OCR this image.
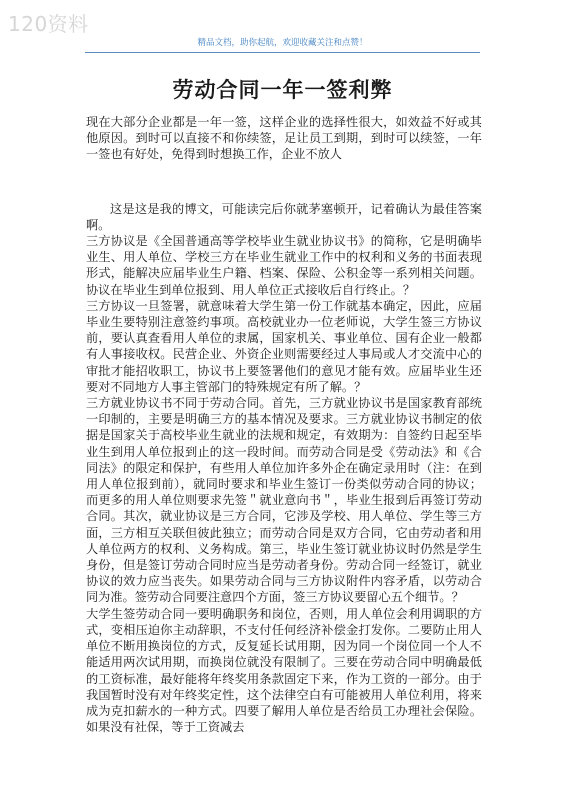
120资料
精品文档，助你起航，欢迎收藏关注和点赞！
劳动合同一年一签利弊

现在大部分企业都是一年一签，这样企业的选择性很大，如效益不好或其他原因。到时可以直接不和你续签，足让员工到期，到时可以续签，一年一签也有好处，免得到时想换工作，企业不放人

这是这是我的博文，可能读完后你就茅塞顿开，记着确认为最佳答案啊。

三方协议是《全国普通高等学校毕业生就业协议书》的简称，它是明确毕业生、用人单位、学校三方在毕业生就业工作中的权利和义务的书面表现形式，能解决应届毕业生户籍、档案、保险、公积金等一系列相关问题。协议在毕业生到单位报到、用人单位正式接收后自行终止。？

三方协议一旦签署，就意味着大学生第一份工作就基本确定，因此，应届毕业生要特别注意签约事项。高校就业办一位老师说，大学生签三方协议前，要认真查看用人单位的隶属，国家机关、事业单位、国有企业一般都有人事接收权。民营企业、外资企业则需要经过人事局或人才交流中心的审批才能招收职工，协议书上要签署他们的意见才能有效。应届毕业生还要对不同地方人事主管部门的特殊规定有所了解。？

三方就业协议书不同于劳动合同。首先，三方就业协议书是国家教育部统一印制的，主要是明确三方的基本情况及要求。三方就业协议书制定的依据是国家关于高校毕业生就业的法规和规定，有效期为：自签约日起至毕业生到用人单位报到止的这一段时间。而劳动合同是受《劳动法》和《合同法》的限定和保护，有些用人单位加许多外企在确定录用时（注：在到用人单位报到前），就同时要求和毕业生签订一份类似劳动合同的协议；而更多的用人单位则要求先签＂就业意向书＂，毕业生报到后再签订劳动合同。其次，就业协议是三方合同，它涉及学校、用人单位、学生等三方面，三方相互关联但彼此独立；而劳动合同是双方合同，它由劳动者和用人单位两方的权利、义务构成。第三，毕业生签订就业协议时仍然是学生身份，但是签订劳动合同时应当是劳动者身份。劳动合同一经签订，就业协议的效力应当丧失。如果劳动合同与三方协议附件内容矛盾，以劳动合同为准。签劳动合同要注意四个方面，签三方协议要留心五个细节。？

大学生签劳动合同一要明确职务和岗位，否则，用人单位会利用调职的方式，变相压迫你主动辞职，不支付任何经济补偿金打发你。二要防止用人单位不断用换岗位的方式，反复延长试用期，因为同一个岗位同一个人不能适用两次试用期，而换岗位就没有限制了。三要在劳动合同中明确最低的工资标准，最好能将年终奖用条款固定下来，作为工资的一部分。由于我国暂时没有对年终奖定性，这个法律空白有可能被用人单位利用，将来成为克扣薪水的一种方式。四要了解用人单位是否给员工办理社会保险。如果没有社保，等于工资减去
